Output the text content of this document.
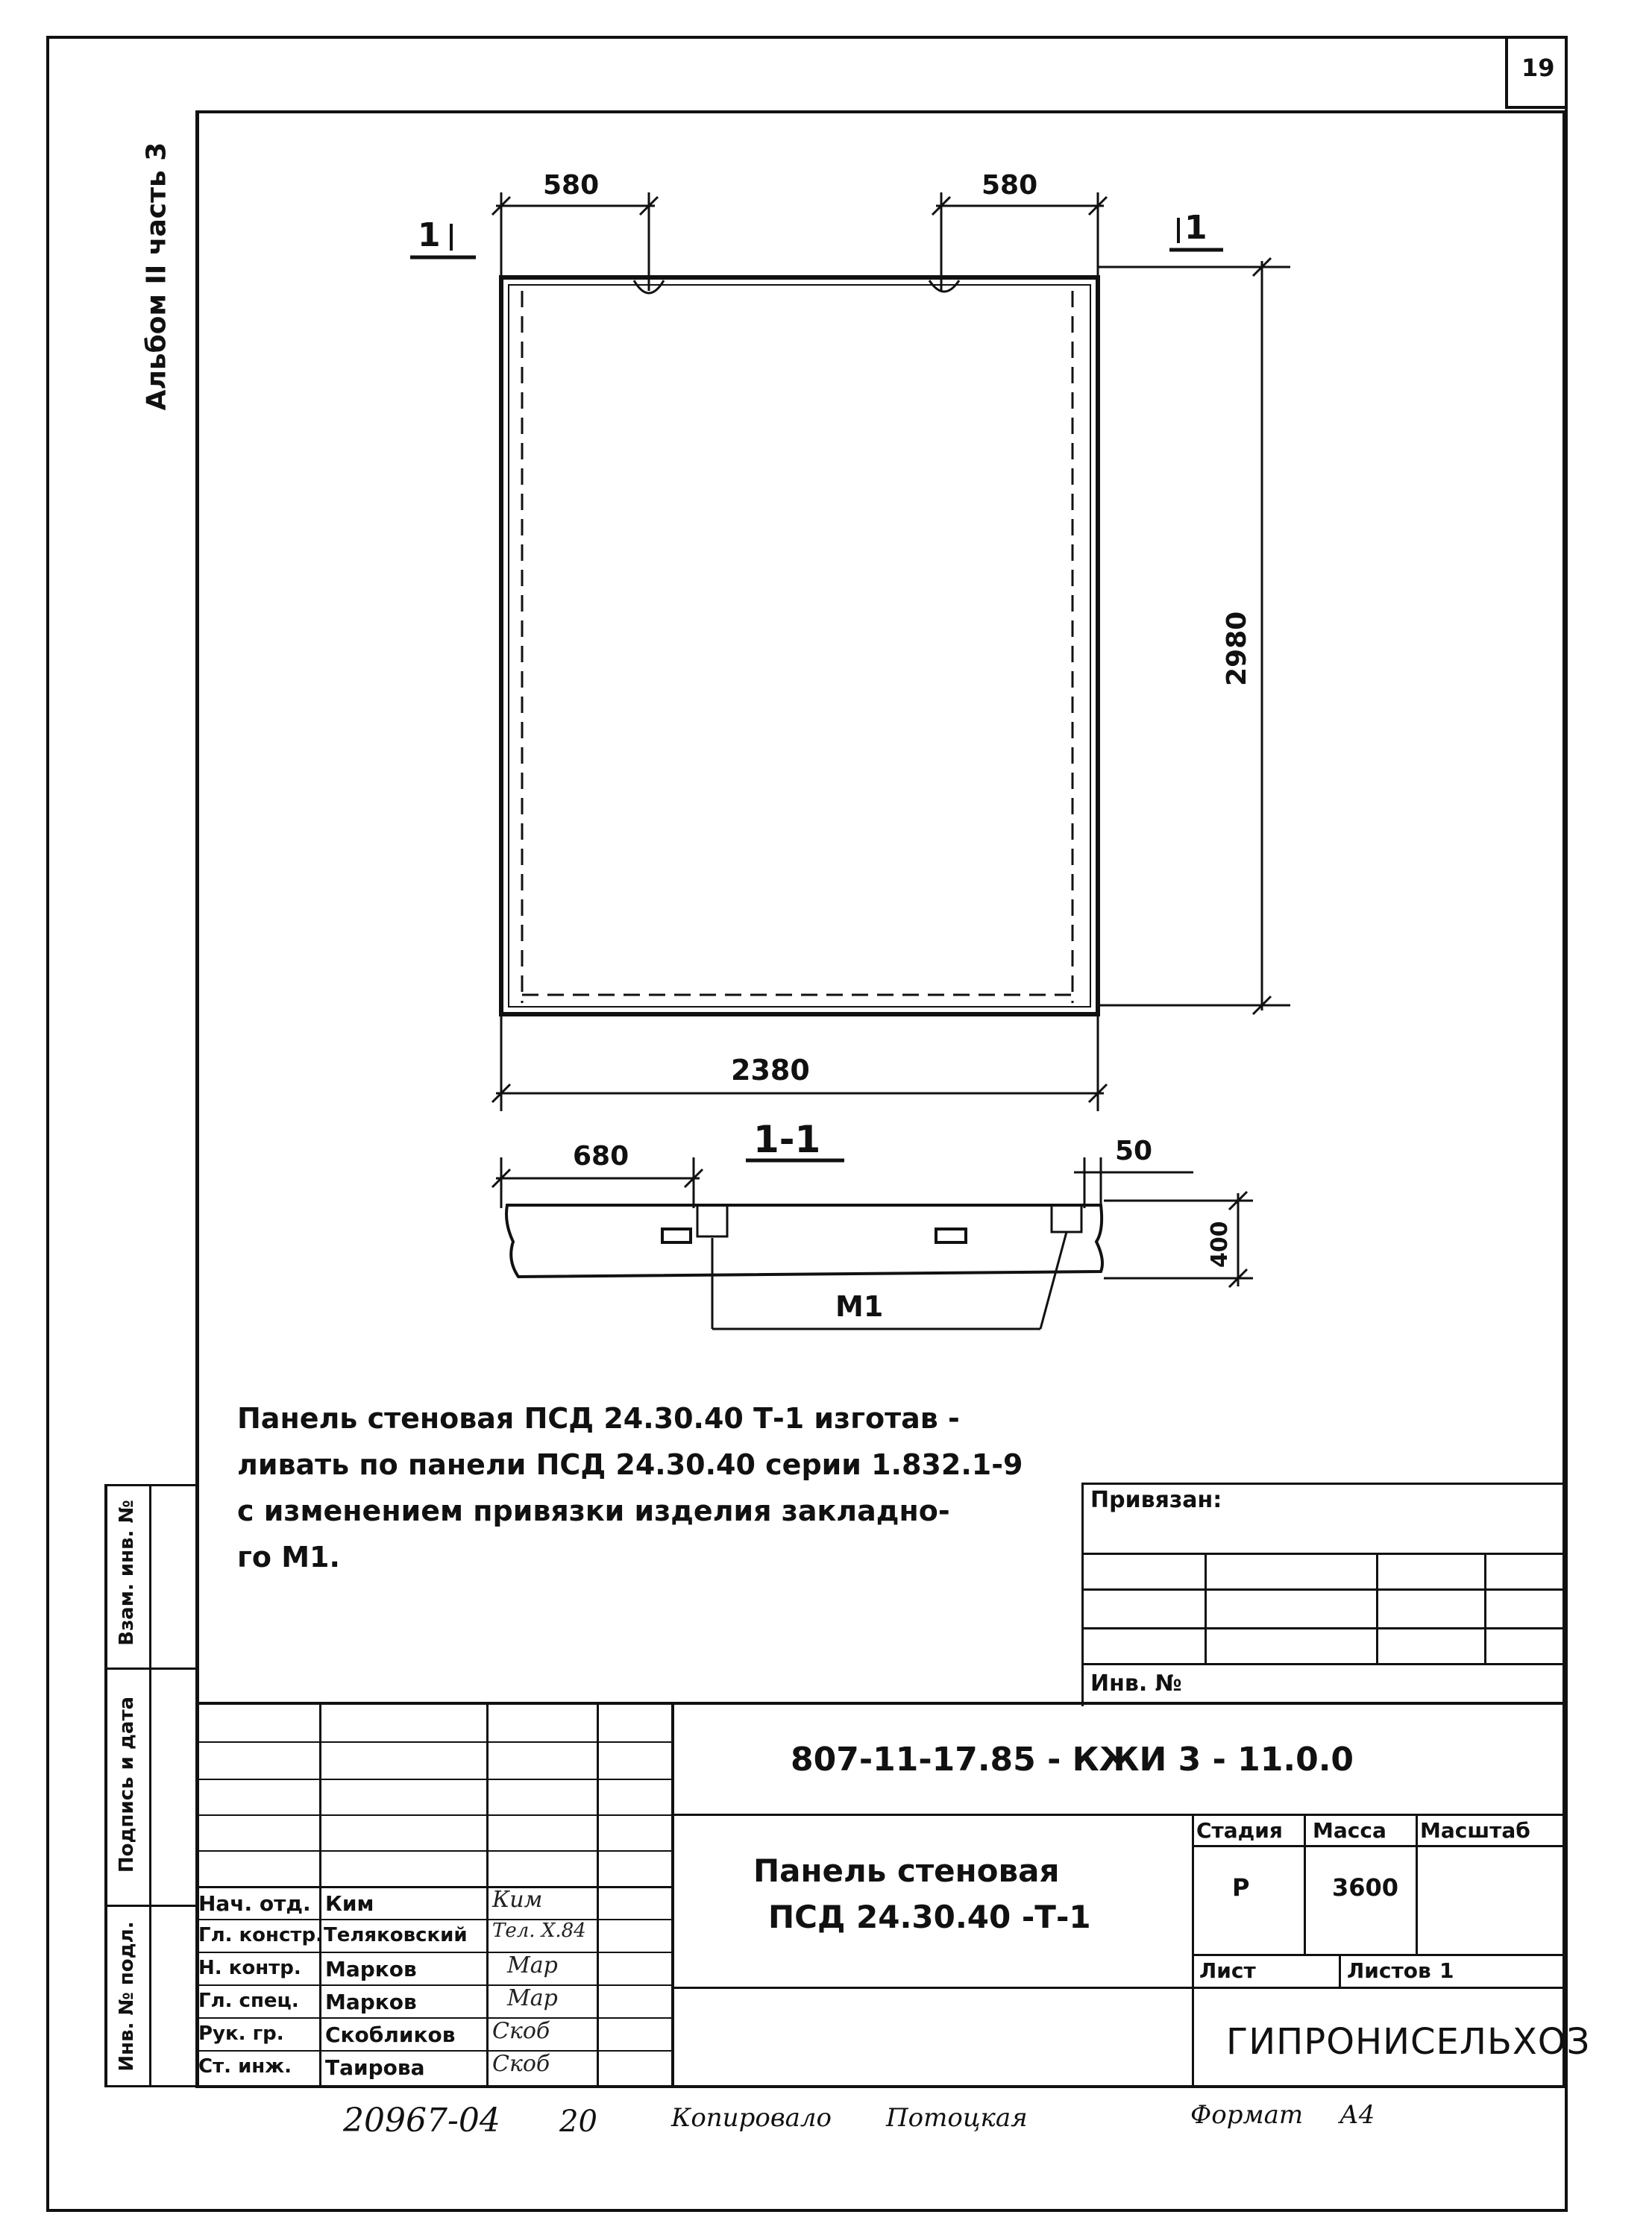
19
Альбом II часть 3	580	580
1	1
2980
2380
1-1
680	50
400
М1
Панель стеновая ПСД 24.30.40 Т-1 изготав -
ливать по панели ПСД 24.30.40 серии 1.832.1-9
с изменением привязки изделия закладно-
го М1.
Привязан:
Инв. №
Взам. инв. №
Подпись и дата
Инв. № подл.
Нач. отд. Ким	Ким
Гл. констр. Теляковский Тел. X.84
Н. контр. Марков	Мар
Гл. спец. Марков	Мар
Рук. гр. Скобликов Скоб
Ст. инж. Таирова	Скоб
807-11-17.85 - КЖИ 3 - 11.0.0
Панель стеновая
ПСД 24.30.40 -Т-1
Стадия Масса Масштаб
Р	3600
Лист	Листов 1
ГИПРОНИСЕЛЬХОЗ
20967-04 20	Копировало Потоцкая	Формат А4
